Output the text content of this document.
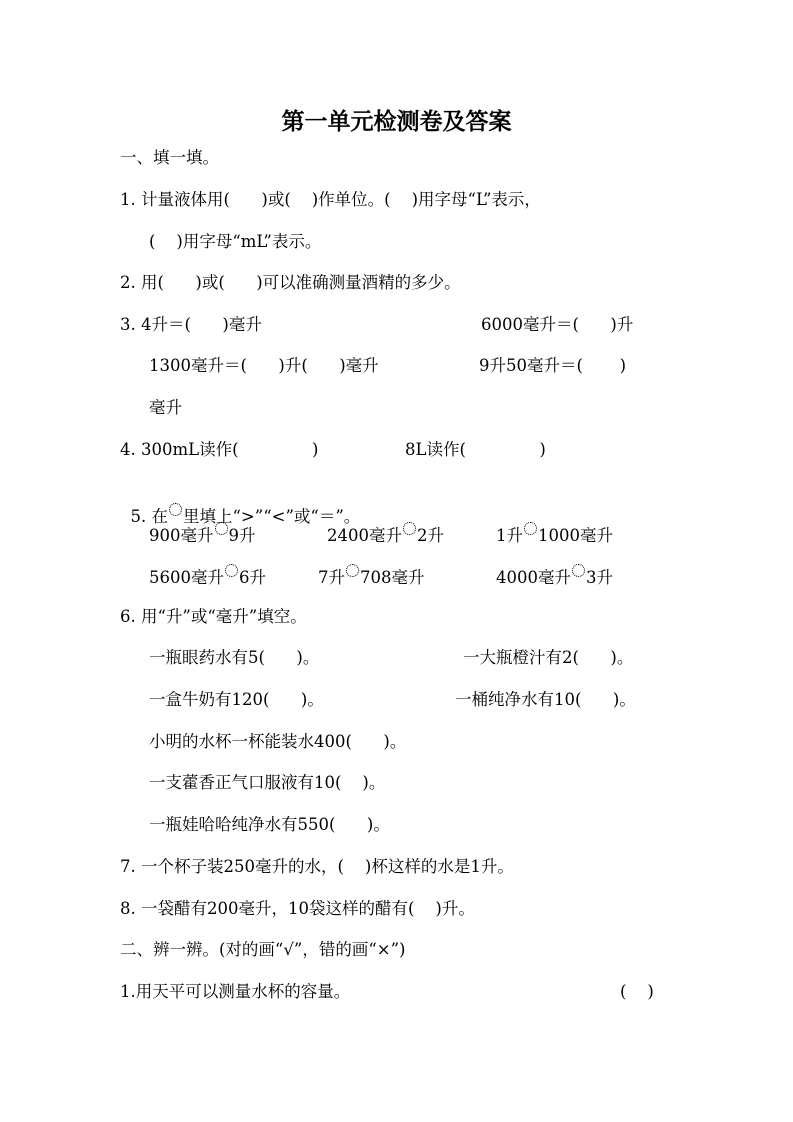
第一单元检测卷及答案
一、填一填。
1. 计量液体用(      )或(    )作单位。(    )用字母“L”表示，
(    )用字母“mL”表示。
2. 用(      )或(      )可以准确测量酒精的多少。
3. 4升＝(      )毫升	6000毫升＝(      )升
1300毫升＝(      )升(      )毫升	9升50毫升＝(       )
毫升
4. 300mL读作(              )	8L读作(              )

5. 在 里填上“>”“<”或“＝”。

900毫升 9升	2400毫升 2升	1升 1000毫升
5600毫升 6升	7升 708毫升	4000毫升 3升
6. 用“升”或“毫升”填空。
一瓶眼药水有5(      )。	一大瓶橙汁有2(      )。
一盒牛奶有120(      )。	一桶纯净水有10(      )。
小明的水杯一杯能装水400(      )。
一支藿香正气口服液有10(    )。
一瓶娃哈哈纯净水有550(      )。
7. 一个杯子装250毫升的水，(    )杯这样的水是1升。
8. 一袋醋有200毫升，10袋这样的醋有(    )升。
二、辨一辨。(对的画“√”，错的画“×”)
1.用天平可以测量水杯的容量。	(    )
